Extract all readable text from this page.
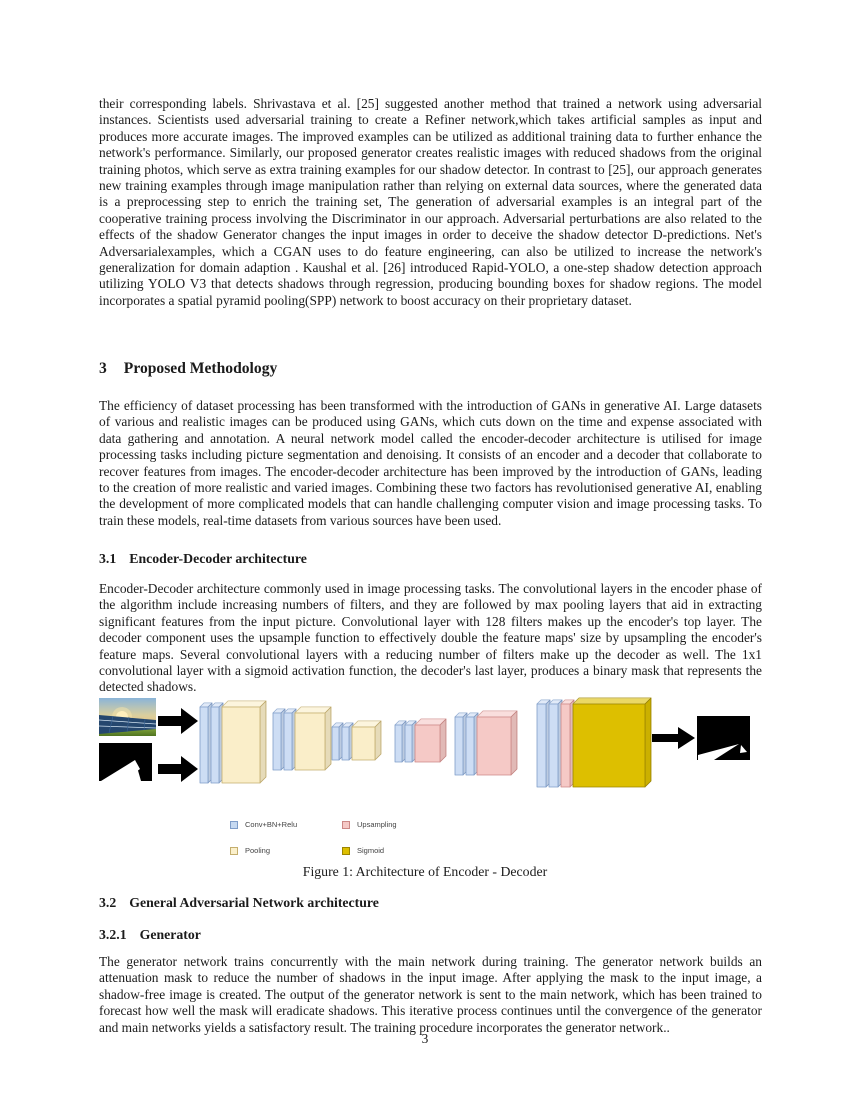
their corresponding labels. Shrivastava et al. [25] suggested another method that trained a network using adversarial instances. Scientists used adversarial training to create a Refiner network,which takes artificial samples as input and produces more accurate images. The improved examples can be utilized as additional training data to further enhance the network's performance. Similarly, our proposed generator creates realistic images with reduced shadows from the original training photos, which serve as extra training examples for our shadow detector. In contrast to [25], our approach generates new training examples through image manipulation rather than relying on external data sources, where the generated data is a preprocessing step to enrich the training set, The generation of adversarial examples is an integral part of the cooperative training process involving the Discriminator in our approach. Adversarial perturbations are also related to the effects of the shadow Generator changes the input images in order to deceive the shadow detector D-predictions. Net's Adversarialexamples, which a CGAN uses to do feature engineering, can also be utilized to increase the network's generalization for domain adaption . Kaushal et al. [26] introduced Rapid-YOLO, a one-step shadow detection approach utilizing YOLO V3 that detects shadows through regression, producing bounding boxes for shadow regions. The model incorporates a spatial pyramid pooling(SPP) network to boost accuracy on their proprietary dataset.
3 Proposed Methodology
The efficiency of dataset processing has been transformed with the introduction of GANs in generative AI. Large datasets of various and realistic images can be produced using GANs, which cuts down on the time and expense associated with data gathering and annotation. A neural network model called the encoder-decoder architecture is utilised for image processing tasks including picture segmentation and denoising. It consists of an encoder and a decoder that collaborate to recover features from images. The encoder-decoder architecture has been improved by the introduction of GANs, leading to the creation of more realistic and varied images. Combining these two factors has revolutionised generative AI, enabling the development of more complicated models that can handle challenging computer vision and image processing tasks. To train these models, real-time datasets from various sources have been used.
3.1 Encoder-Decoder architecture
Encoder-Decoder architecture commonly used in image processing tasks. The convolutional layers in the encoder phase of the algorithm include increasing numbers of filters, and they are followed by max pooling layers that aid in extracting significant features from the input picture. Convolutional layer with 128 filters makes up the encoder's top layer. The decoder component uses the upsample function to effectively double the feature maps' size by upsampling the encoder's feature maps. Several convolutional layers with a reducing number of filters make up the decoder as well. The 1x1 convolutional layer with a sigmoid activation function, the decoder's last layer, produces a binary mask that represents the detected shadows.
Conv+BN+Relu	Upsampling
Pooling	Sigmoid
Figure 1: Architecture of Encoder - Decoder
3.2 General Adversarial Network architecture
3.2.1 Generator
The generator network trains concurrently with the main network during training. The generator network builds an attenuation mask to reduce the number of shadows in the input image. After applying the mask to the input image, a shadow-free image is created. The output of the generator network is sent to the main network, which has been trained to forecast how well the mask will eradicate shadows. This iterative process continues until the convergence of the generator and main networks yields a satisfactory result. The training procedure incorporates the generator network..
3
